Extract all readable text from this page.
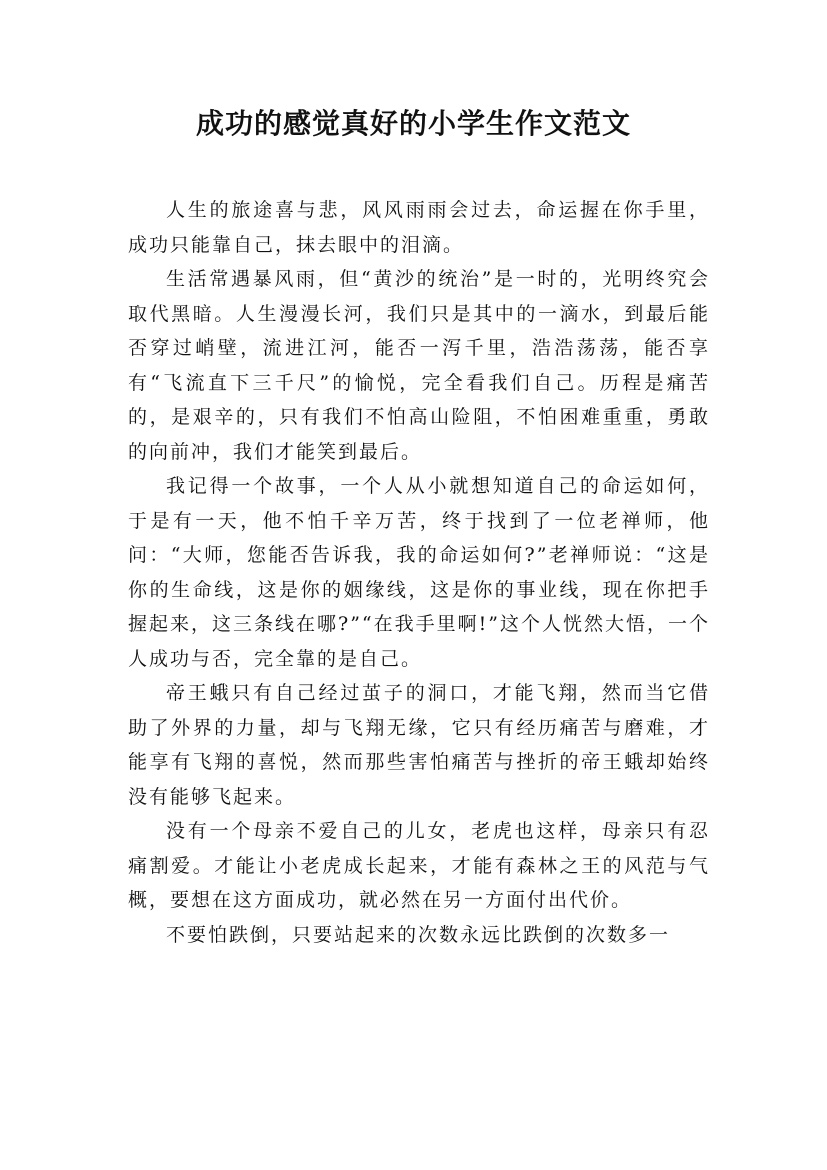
成功的感觉真好的小学生作文范文

人生的旅途喜与悲，风风雨雨会过去，命运握在你手里，成功只能靠自己，抹去眼中的泪滴。

生活常遇暴风雨，但“黄沙的统治”是一时的，光明终究会取代黑暗。人生漫漫长河，我们只是其中的一滴水，到最后能否穿过峭壁，流进江河，能否一泻千里，浩浩荡荡，能否享有“飞流直下三千尺”的愉悦，完全看我们自己。历程是痛苦的，是艰辛的，只有我们不怕高山险阻，不怕困难重重，勇敢的向前冲，我们才能笑到最后。

我记得一个故事，一个人从小就想知道自己的命运如何，于是有一天，他不怕千辛万苦，终于找到了一位老禅师，他问：“大师，您能否告诉我，我的命运如何?”老禅师说：“这是你的生命线，这是你的姻缘线，这是你的事业线，现在你把手握起来，这三条线在哪?”“在我手里啊!”这个人恍然大悟，一个人成功与否，完全靠的是自己。

帝王蛾只有自己经过茧子的洞口，才能飞翔，然而当它借助了外界的力量，却与飞翔无缘，它只有经历痛苦与磨难，才能享有飞翔的喜悦，然而那些害怕痛苦与挫折的帝王蛾却始终没有能够飞起来。

没有一个母亲不爱自己的儿女，老虎也这样，母亲只有忍痛割爱。才能让小老虎成长起来，才能有森林之王的风范与气概，要想在这方面成功，就必然在另一方面付出代价。

不要怕跌倒，只要站起来的次数永远比跌倒的次数多一
